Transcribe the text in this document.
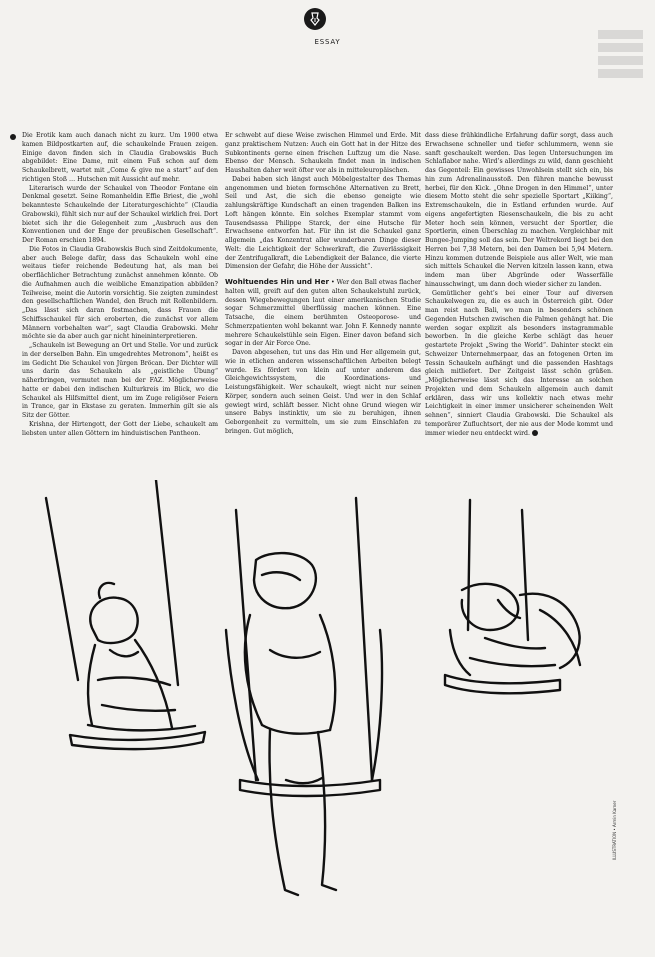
ESSAY

Die Erotik kam auch danach nicht zu kurz. Um 1900 etwa kamen Bildpostkarten auf, die schaukelnde Frauen zeigen. Einige davon finden sich in Claudia Grabowskis Buch abgebildet: Eine Dame, mit einem Fuß schon auf dem Schaukelbrett, wartet mit „Come & give me a start“ auf den richtigen Stoß … Hutschen mit Aussicht auf mehr.

Literarisch wurde der Schaukel von Theodor Fontane ein Denkmal gesetzt. Seine Romanheldin Effie Briest, die „wohl bekannteste Schaukelnde der Literaturgeschichte“ (Claudia Grabowski), fühlt sich nur auf der Schaukel wirklich frei. Dort bietet sich ihr die Gelegenheit zum „Ausbruch aus den Konventionen und der Enge der preußischen Gesellschaft“. Der Roman erschien 1894.

Die Fotos in Claudia Grabowskis Buch sind Zeitdokumente, aber auch Belege dafür, dass das Schaukeln wohl eine weitaus tiefer reichende Bedeutung hat, als man bei oberflächlicher Betrachtung zunächst annehmen könnte. Ob die Aufnahmen auch die weibliche Emanzipation abbilden? Teilweise, meint die Autorin vorsichtig. Sie zeigten zumindest den gesellschaftlichen Wandel, den Bruch mit Rollenbildern. „Das lässt sich daran festmachen, dass Frauen die Schiffsschaukel für sich eroberten, die zunächst vor allem Männern vorbehalten war“, sagt Claudia Grabowski. Mehr möchte sie da aber auch gar nicht hineininterpretieren.

„Schaukeln ist Bewegung an Ort und Stelle. Vor und zurück in der derselben Bahn. Ein umgedrehtes Metronom“, heißt es im Gedicht Die Schaukel von Jürgen Bröcan. Der Dichter will uns darin das Schaukeln als „geistliche Übung“ näherbringen, vermutet man bei der FAZ. Möglicherweise hatte er dabei den indischen Kulturkreis im Blick, wo die Schaukel als Hilfsmittel dient, um im Zuge religiöser Feiern in Trance, gar in Ekstase zu geraten. Immerhin gilt sie als Sitz der Götter.

Krishna, der Hirtengott, der Gott der Liebe, schaukelt am liebsten unter allen Göttern im hinduistischen Pantheon.

Er schwebt auf diese Weise zwischen Himmel und Erde. Mit ganz praktischem Nutzen: Auch ein Gott hat in der Hitze des Subkontinents gerne einen frischen Luftzug um die Nase. Ebenso der Mensch. Schaukeln findet man in indischen Haushalten daher weit öfter vor als in mitteleuropäischen.

Dabei haben sich längst auch Möbelgestalter des Themas angenommen und bieten formschöne Alternativen zu Brett, Seil und Ast, die sich die ebenso geneigte wie zahlungskräftige Kundschaft an einen tragenden Balken ins Loft hängen könnte. Ein solches Exemplar stammt vom Tausendsassa Philippe Starck, der eine Hutsche für Erwachsene entworfen hat. Für ihn ist die Schaukel ganz allgemein „das Konzentrat aller wunderbaren Dinge dieser Welt: die Leichtigkeit der Schwerkraft, die Zuverlässigkeit der Zentrifugalkraft, die Lebendigkeit der Balance, die vierte Dimension der Gefahr, die Höhe der Aussicht“.

Wohltuendes Hin und Her • Wer den Ball etwas flacher halten will, greift auf den guten alten Schaukelstuhl zurück, dessen Wiegebewegungen laut einer amerikanischen Studie sogar Schmerzmittel überflüssig machen können. Eine Tatsache, die einem berühmten Osteoporose- und Schmerzpatienten wohl bekannt war. John F. Kennedy nannte mehrere Schaukelstühle sein Eigen. Einer davon befand sich sogar in der Air Force One.

Davon abgesehen, tut uns das Hin und Her allgemein gut, wie in etlichen anderen wissenschaftlichen Arbeiten belegt wurde. Es fördert von klein auf unter anderem das Gleichgewichtssystem, die Koordinations- und Leistungsfähigkeit. Wer schaukelt, wiegt nicht nur seinen Körper, sondern auch seinen Geist. Und wer in den Schlaf gewiegt wird, schläft besser. Nicht ohne Grund wiegen wir unsere Babys instinktiv, um sie zu beruhigen, ihnen Geborgenheit zu vermitteln, um sie zum Einschlafen zu bringen. Gut möglich,

dass diese frühkindliche Erfahrung dafür sorgt, dass auch Erwachsene schneller und tiefer schlummern, wenn sie sanft geschaukelt werden. Das legen Untersuchungen im Schlaflabor nahe. Wird’s allerdings zu wild, dann geschieht das Gegenteil: Ein gewisses Unwohlsein stellt sich ein, bis hin zum Adrenalinausstoß. Den führen manche bewusst herbei, für den Kick. „Ohne Drogen in den Himmel“, unter diesem Motto steht die sehr spezielle Sportart „Kiiking“, Extremschaukeln, die in Estland erfunden wurde. Auf eigens angefertigten Riesenschaukeln, die bis zu acht Meter hoch sein können, versucht der Sportler, die Sportlerin, einen Überschlag zu machen. Vergleichbar mit Bungee-Jumping soll das sein. Der Weltrekord liegt bei den Herren bei 7,38 Metern, bei den Damen bei 5,94 Metern. Hinzu kommen dutzende Beispiele aus aller Welt, wie man sich mittels Schaukel die Nerven kitzeln lassen kann, etwa indem man über Abgründe oder Wasserfälle hinausschwingt, um dann doch wieder sicher zu landen.

Gemütlicher geht’s bei einer Tour auf diversen Schaukelwegen zu, die es auch in Österreich gibt. Oder man reist nach Bali, wo man in besonders schönen Gegenden Hutschen zwischen die Palmen gehängt hat. Die werden sogar explizit als besonders instagrammable beworben. In die gleiche Kerbe schlägt das heuer gestartete Projekt „Swing the World“. Dahinter steckt ein Schweizer Unternehmerpaar, das an fotogenen Orten im Tessin Schaukeln aufhängt und die passenden Hashtags gleich mitliefert. Der Zeitgeist lässt schön grüßen. „Möglicherweise lässt sich das Interesse an solchen Projekten und dem Schaukeln allgemein auch damit erklären, dass wir uns kollektiv nach etwas mehr Leichtigkeit in einer immer unsicherer scheinenden Welt sehnen“, sinniert Claudia Grabowski. Die Schaukel als temporärer Zufluchtsort, der nie aus der Mode kommt und immer wieder neu entdeckt wird.

ILLUSTRATION • Armin Karner
